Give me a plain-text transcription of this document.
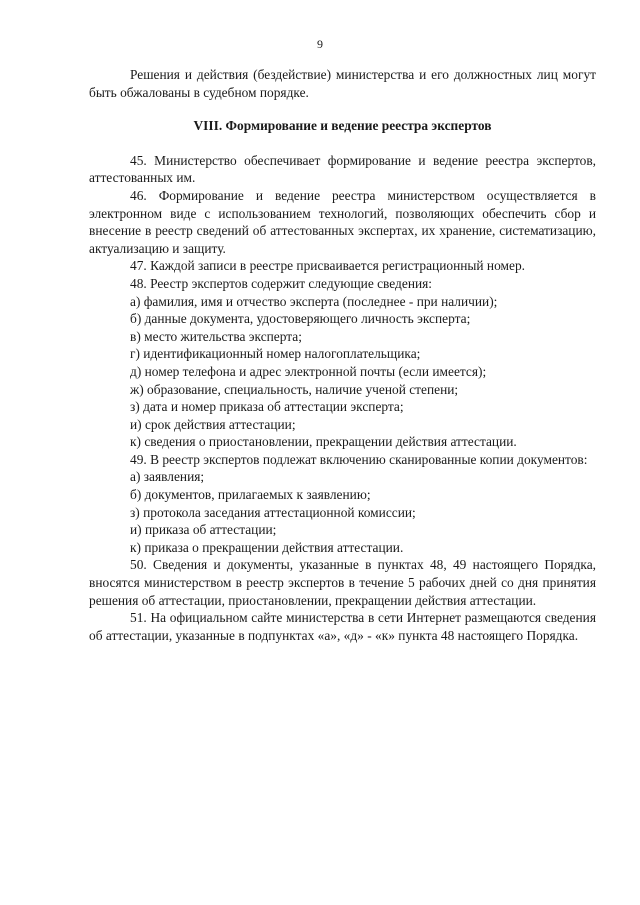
9

Решения и действия (бездействие) министерства и его должностных лиц могут быть обжалованы в судебном порядке.

VIII. Формирование и ведение реестра экспертов

45. Министерство обеспечивает формирование и ведение реестра экспертов, аттестованных им.

46. Формирование и ведение реестра министерством осуществляется в электронном виде с использованием технологий, позволяющих обеспечить сбор и внесение в реестр сведений об аттестованных экспертах, их хранение, систематизацию, актуализацию и защиту.

47. Каждой записи в реестре присваивается регистрационный номер.

48. Реестр экспертов содержит следующие сведения:

а) фамилия, имя и отчество эксперта (последнее - при наличии);

б) данные документа, удостоверяющего личность эксперта;

в) место жительства эксперта;

г) идентификационный номер налогоплательщика;

д) номер телефона и адрес электронной почты (если имеется);

ж) образование, специальность, наличие ученой степени;

з) дата и номер приказа об аттестации эксперта;

и) срок действия аттестации;

к) сведения о приостановлении, прекращении действия аттестации.

49. В реестр экспертов подлежат включению сканированные копии документов:

а) заявления;

б) документов, прилагаемых к заявлению;

з) протокола заседания аттестационной комиссии;

и) приказа об аттестации;

к) приказа о прекращении действия аттестации.

50. Сведения и документы, указанные в пунктах 48, 49 настоящего Порядка, вносятся министерством в реестр экспертов в течение 5 рабочих дней со дня принятия решения об аттестации, приостановлении, прекращении действия аттестации.

51. На официальном сайте министерства в сети Интернет размещаются сведения об аттестации, указанные в подпунктах «а», «д» - «к» пункта 48 настоящего Порядка.
